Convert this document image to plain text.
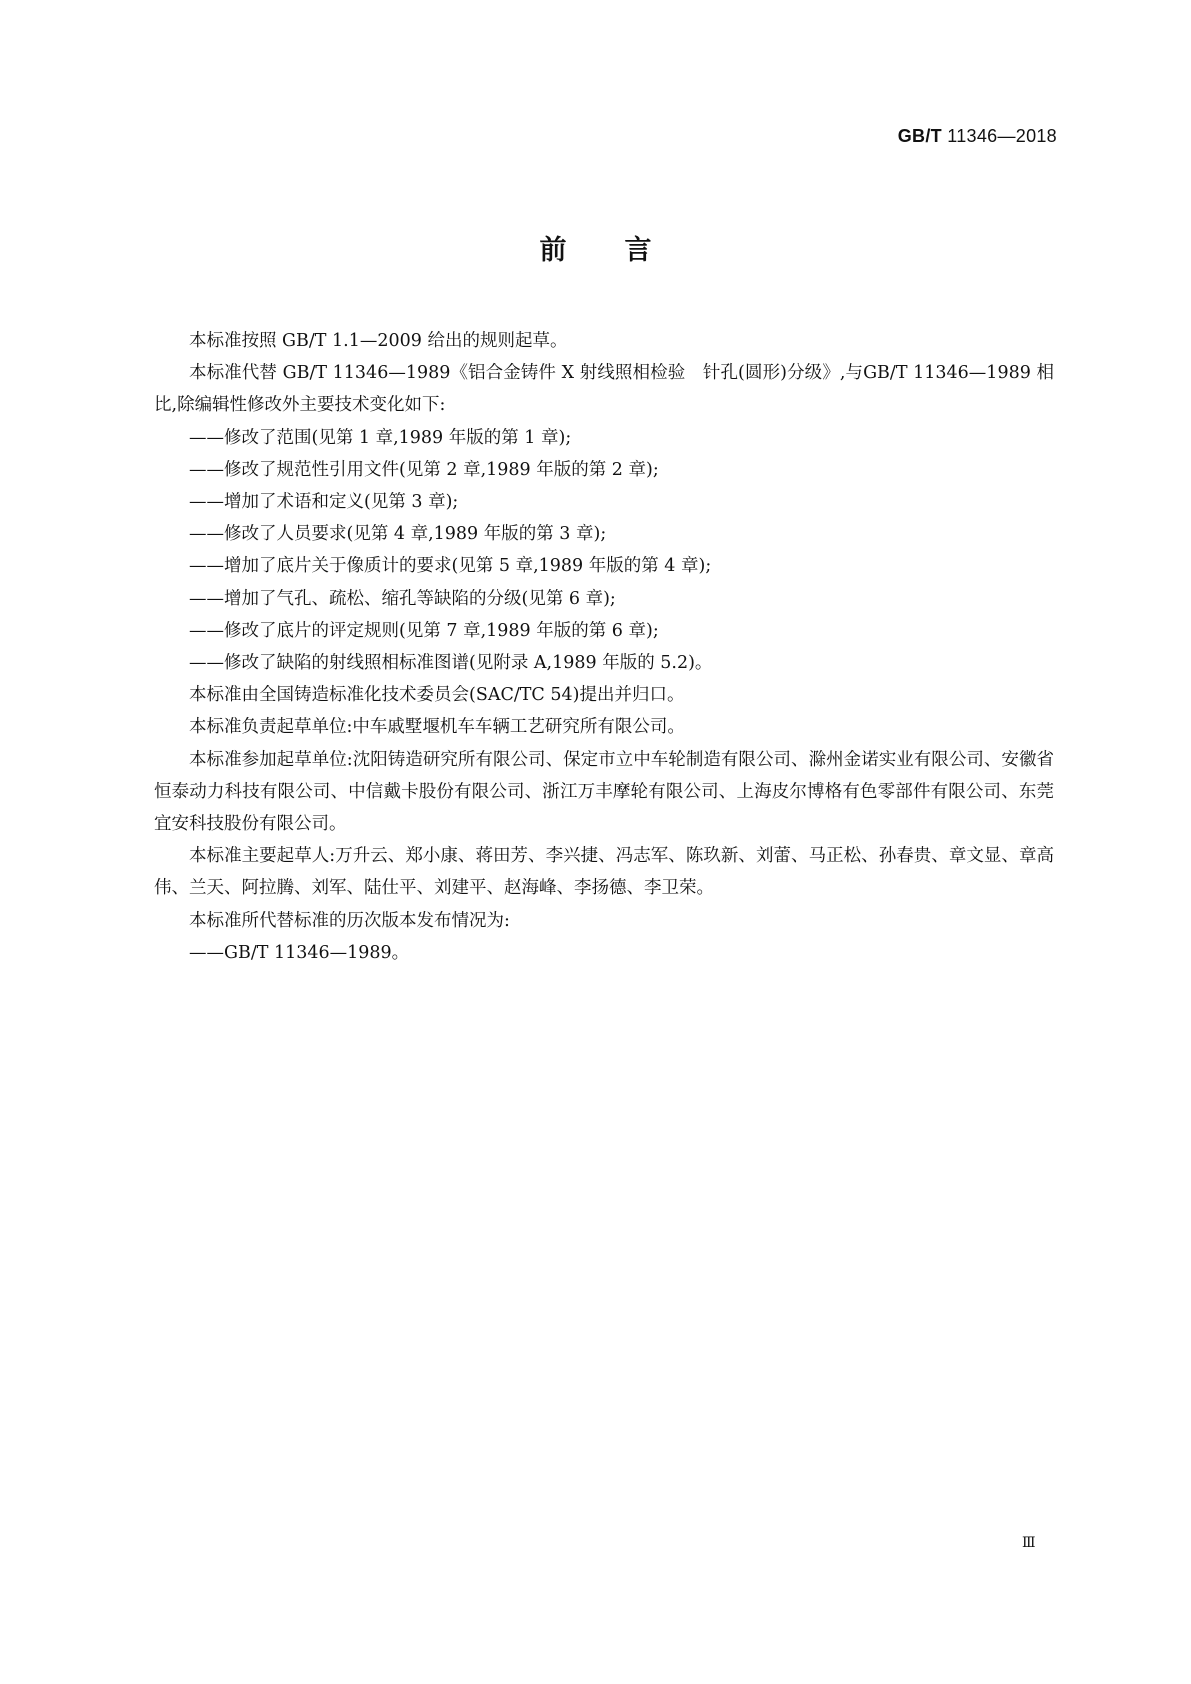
GB/T 11346—2018
前言

本标准按照 GB/T 1.1—2009 给出的规则起草。

本标准代替 GB/T 11346—1989《铝合金铸件 X 射线照相检验　针孔(圆形)分级》,与GB/T 11346—1989 相比,除编辑性修改外主要技术变化如下:

——修改了范围(见第 1 章,1989 年版的第 1 章);

——修改了规范性引用文件(见第 2 章,1989 年版的第 2 章);

——增加了术语和定义(见第 3 章);

——修改了人员要求(见第 4 章,1989 年版的第 3 章);

——增加了底片关于像质计的要求(见第 5 章,1989 年版的第 4 章);

——增加了气孔、疏松、缩孔等缺陷的分级(见第 6 章);

——修改了底片的评定规则(见第 7 章,1989 年版的第 6 章);

——修改了缺陷的射线照相标准图谱(见附录 A,1989 年版的 5.2)。

本标准由全国铸造标准化技术委员会(SAC/TC 54)提出并归口。

本标准负责起草单位:中车戚墅堰机车车辆工艺研究所有限公司。

本标准参加起草单位:沈阳铸造研究所有限公司、保定市立中车轮制造有限公司、滁州金诺实业有限公司、安徽省恒泰动力科技有限公司、中信戴卡股份有限公司、浙江万丰摩轮有限公司、上海皮尔博格有色零部件有限公司、东莞宜安科技股份有限公司。

本标准主要起草人:万升云、郑小康、蒋田芳、李兴捷、冯志军、陈玖新、刘蕾、马正松、孙春贵、章文显、章高伟、兰天、阿拉腾、刘军、陆仕平、刘建平、赵海峰、李扬德、李卫荣。

本标准所代替标准的历次版本发布情况为:

——GB/T 11346—1989。

Ⅲ
